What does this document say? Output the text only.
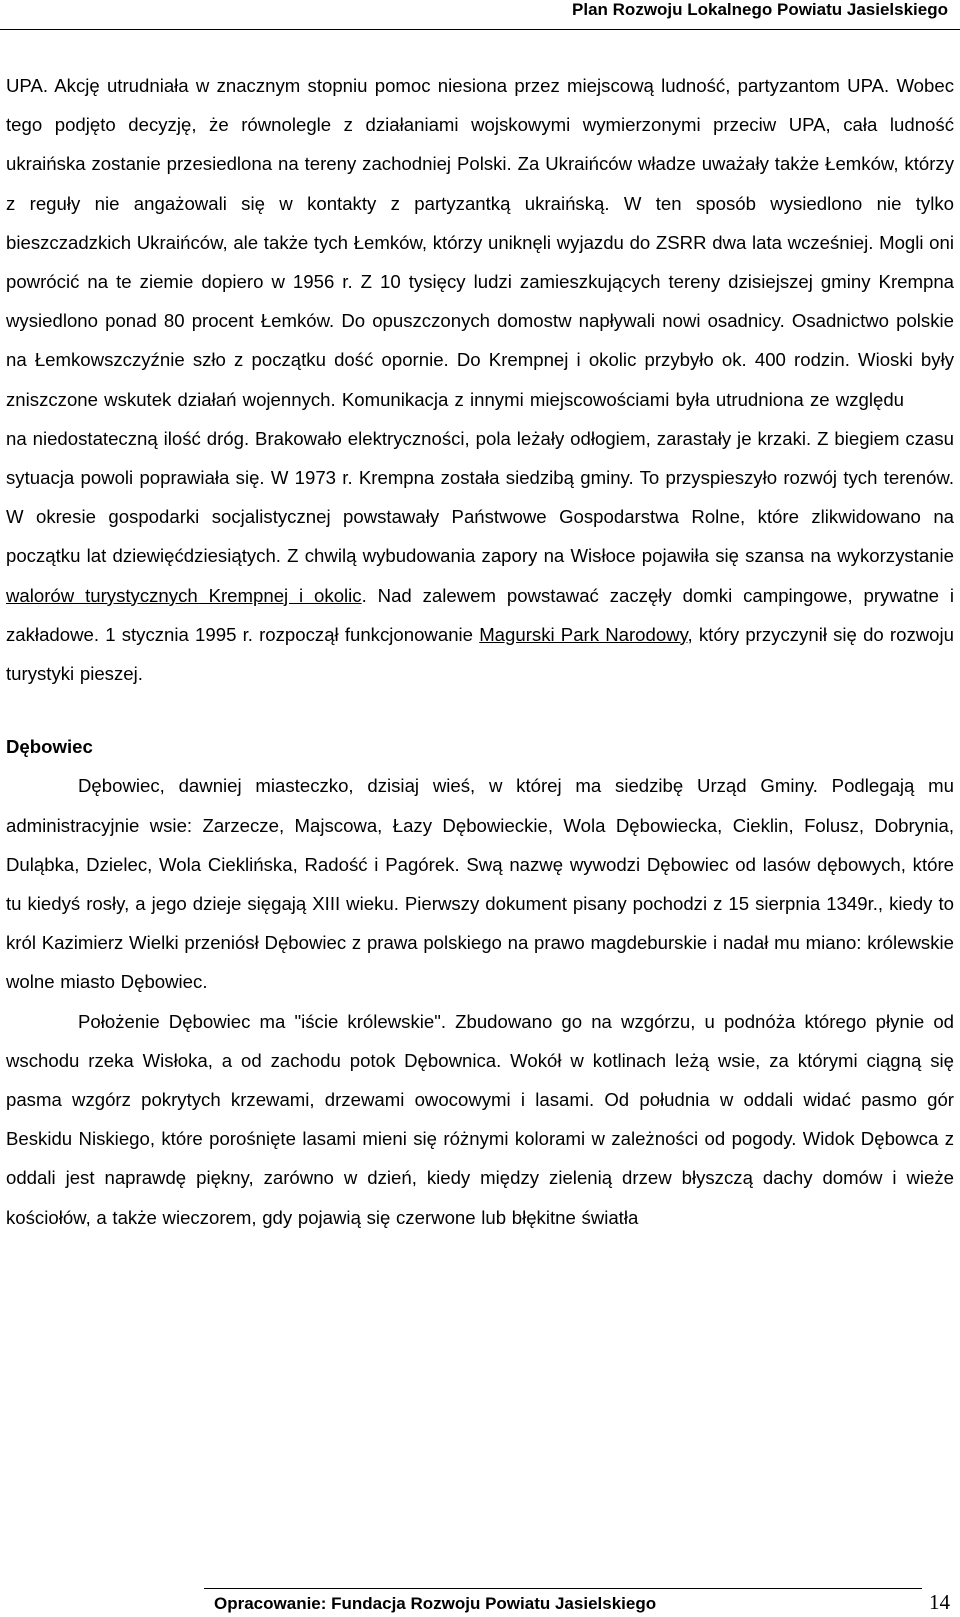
Plan Rozwoju Lokalnego Powiatu Jasielskiego

UPA. Akcję utrudniała w znacznym stopniu pomoc niesiona przez miejscową ludność, partyzantom UPA. Wobec tego podjęto decyzję, że równolegle z działaniami wojskowymi wymierzonymi przeciw UPA, cała ludność ukraińska zostanie przesiedlona na tereny zachodniej Polski. Za Ukraińców władze uważały także Łemków, którzy z reguły nie angażowali się w kontakty z partyzantką ukraińską. W ten sposób wysiedlono nie tylko bieszczadzkich Ukraińców, ale także tych Łemków, którzy uniknęli wyjazdu do ZSRR dwa lata wcześniej. Mogli oni powrócić na te ziemie dopiero w 1956 r. Z 10 tysięcy ludzi zamieszkujących tereny dzisiejszej gminy Krempna wysiedlono ponad 80 procent Łemków. Do opuszczonych domostw napływali nowi osadnicy. Osadnictwo polskie na Łemkowszczyźnie szło z początku dość opornie. Do Krempnej i okolic przybyło ok. 400 rodzin. Wioski były zniszczone wskutek działań wojennych. Komunikacja z innymi miejscowościami była utrudniona ze względuna niedostateczną ilość dróg. Brakowało elektryczności, pola leżały odłogiem, zarastały je krzaki. Z biegiem czasu sytuacja powoli poprawiała się. W 1973 r. Krempna została siedzibą gminy. To przyspieszyło rozwój tych terenów. W okresie gospodarki socjalistycznej powstawały Państwowe Gospodarstwa Rolne, które zlikwidowano na początku lat dziewięćdziesiątych. Z chwilą wybudowania zapory na Wisłoce pojawiła się szansa na wykorzystanie walorów turystycznych Krempnej i okolic. Nad zalewem powstawać zaczęły domki campingowe, prywatne i zakładowe. 1 stycznia 1995 r. rozpoczął funkcjonowanie Magurski Park Narodowy, który przyczynił się do rozwoju turystyki pieszej.

Dębowiec

Dębowiec, dawniej miasteczko, dzisiaj wieś, w której ma siedzibę Urząd Gminy. Podlegają mu administracyjnie wsie: Zarzecze, Majscowa, Łazy Dębowieckie, Wola Dębowiecka, Cieklin, Folusz, Dobrynia, Duląbka, Dzielec, Wola Cieklińska, Radość i Pagórek. Swą nazwę wywodzi Dębowiec od lasów dębowych, które tu kiedyś rosły, a jego dzieje sięgają XIII wieku. Pierwszy dokument pisany pochodzi z 15 sierpnia 1349r., kiedy to król Kazimierz Wielki przeniósł Dębowiec z prawa polskiego na prawo magdeburskie i nadał mu miano: królewskie wolne miasto Dębowiec.

Położenie Dębowiec ma "iście królewskie". Zbudowano go na wzgórzu, u podnóża którego płynie od wschodu rzeka Wisłoka, a od zachodu potok Dębownica. Wokół w kotlinach leżą wsie, za którymi ciągną się pasma wzgórz pokrytych krzewami, drzewami owocowymi i lasami. Od południa w oddali widać pasmo gór Beskidu Niskiego, które porośnięte lasami mieni się różnymi kolorami w zależności od pogody. Widok Dębowca z oddali jest naprawdę piękny, zarówno w dzień, kiedy między zielenią drzew błyszczą dachy domów i wieże kościołów, a także wieczorem, gdy pojawią się czerwone lub błękitne światła

Opracowanie: Fundacja Rozwoju Powiatu Jasielskiego	14
